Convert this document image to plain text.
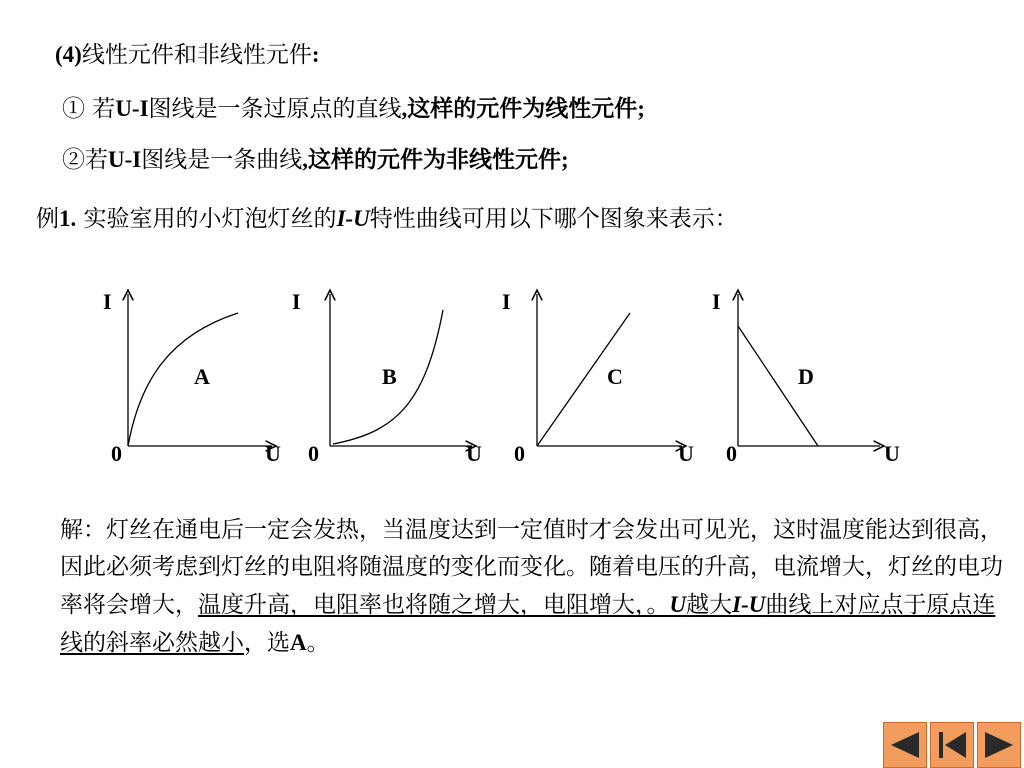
(4)线性元件和非线性元件:
① 若U-I图线是一条过原点的直线,这样的元件为线性元件;
②若U-I图线是一条曲线,这样的元件为非线性元件;
例1. 实验室用的小灯泡灯丝的I-U特性曲线可用以下哪个图象来表示：
I
0	U
A
I
0	U
B
I
0	U
C
I
0	U
D
解：灯丝在通电后一定会发热，当温度达到一定值时才会发出可见光，这时温度能达到很高，因此必须考虑到灯丝的电阻将随温度的变化而变化。随着电压的升高，电流增大，灯丝的电功率将会增大，温度升高，电阻率也将随之增大，电阻增大，。U越大I-U曲线上对应点于原点连线的斜率必然越小，选A。
